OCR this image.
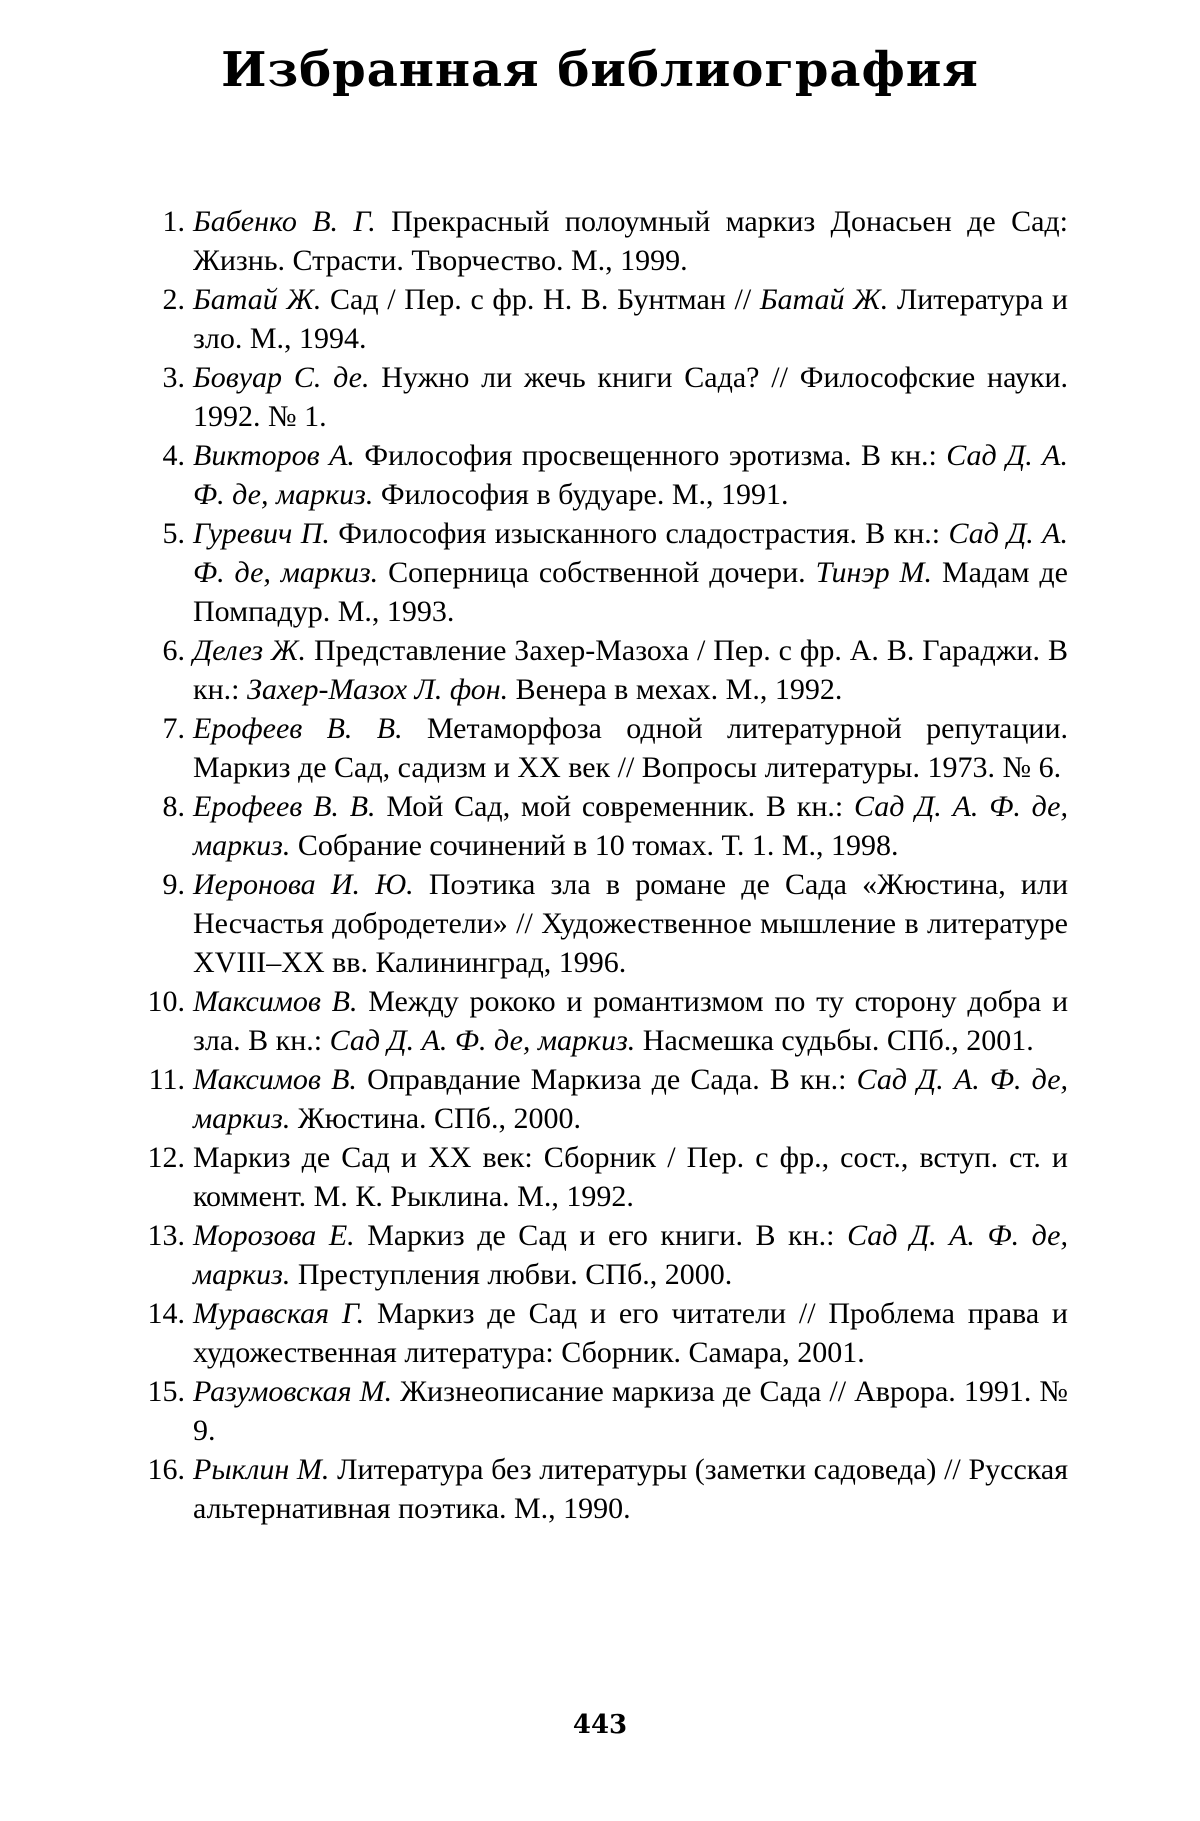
Избранная библиография
1. Бабенко В. Г. Прекрасный полоумный маркиз Донасьен де Сад: Жизнь. Страсти. Творчество. М., 1999.
2. Батай Ж. Сад / Пер. с фр. Н. В. Бунтман // Батай Ж. Литература и зло. М., 1994.
3. Бовуар С. де. Нужно ли жечь книги Сада? // Философские науки. 1992. № 1.
4. Викторов А. Философия просвещенного эротизма. В кн.: Сад Д. А. Ф. де, маркиз. Философия в будуаре. М., 1991.
5. Гуревич П. Философия изысканного сладострастия. В кн.: Сад Д. А. Ф. де, маркиз. Соперница собственной дочери. Тинэр М. Мадам де Помпадур. М., 1993.
6. Делез Ж. Представление Захер-Мазоха / Пер. с фр. А. В. Гараджи. В кн.: Захер-Мазох Л. фон. Венера в мехах. М., 1992.
7. Ерофеев В. В. Метаморфоза одной литературной репутации. Маркиз де Сад, садизм и XX век // Вопросы литературы. 1973. № 6.
8. Ерофеев В. В. Мой Сад, мой современник. В кн.: Сад Д. А. Ф. де, маркиз. Собрание сочинений в 10 томах. Т. 1. М., 1998.
9. Иеронова И. Ю. Поэтика зла в романе де Сада «Жюстина, или Несчастья добродетели» // Художественное мышление в литературе XVIII–XX вв. Калининград, 1996.
10. Максимов В. Между рококо и романтизмом по ту сторону добра и зла. В кн.: Сад Д. А. Ф. де, маркиз. Насмешка судьбы. СПб., 2001.
11. Максимов В. Оправдание Маркиза де Сада. В кн.: Сад Д. А. Ф. де, маркиз. Жюстина. СПб., 2000.
12. Маркиз де Сад и XX век: Сборник / Пер. с фр., сост., вступ. ст. и коммент. М. К. Рыклина. М., 1992.
13. Морозова Е. Маркиз де Сад и его книги. В кн.: Сад Д. А. Ф. де, маркиз. Преступления любви. СПб., 2000.
14. Муравская Г. Маркиз де Сад и его читатели // Проблема права и художественная литература: Сборник. Самара, 2001.
15. Разумовская М. Жизнеописание маркиза де Сада // Аврора. 1991. № 9.
16. Рыклин М. Литература без литературы (заметки садоведа) // Русская альтернативная поэтика. М., 1990.
443
